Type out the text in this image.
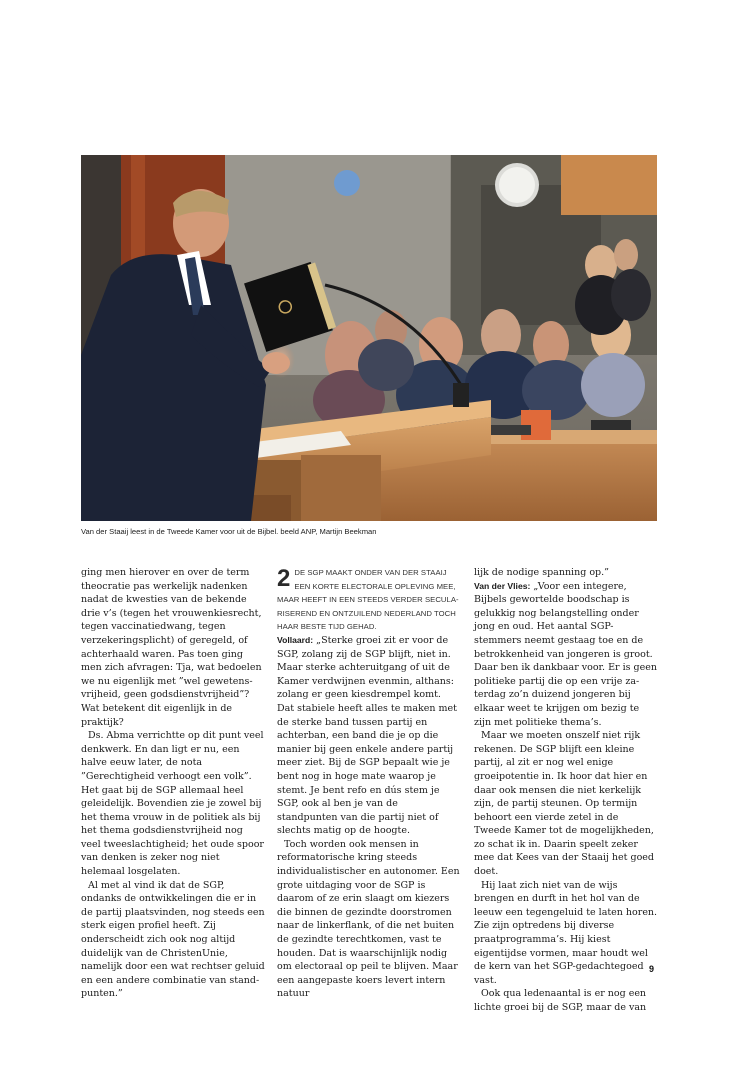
Van der Staaij leest in de Tweede Kamer voor uit de Bijbel. beeld ANP, Martijn Beekman

ging men hierover en over de term theocratie pas werkelijk nadenken nadat de kwesties van de bekende drie v’s (tegen het vrouwenkiesrecht, tegen vaccinatiedwang, tegen verzekeringsplicht) of geregeld, of achterhaald waren. Pas toen ging men zich afvragen: Tja, wat bedoelen we nu eigenlijk met ”wel gewetensvrijheid, geen godsdienstvrijheid”? Wat betekent dit eigenlijk in de praktijk?

Ds. Abma verrichtte op dit punt veel denkwerk. En dan ligt er nu, een halve eeuw later, de nota ”Gerechtigheid verhoogt een volk”. Het gaat bij de SGP allemaal heel geleidelijk. Bovendien zie je zowel bij het thema vrouw in de politiek als bij het thema godsdienstvrijheid nog veel tweeslachtigheid; het oude spoor van denken is zeker nog niet helemaal losgelaten.

Al met al vind ik dat de SGP, ondanks de ontwikkelingen die er in de partij plaatsvinden, nog steeds een sterk eigen profiel heeft. Zij onderscheidt zich ook nog altijd duidelijk van de ChristenUnie, namelijk door een wat rechtser geluid en een andere combinatie van standpunten.”

2 DE SGP MAAKT ONDER VAN DER STAAIJ EEN KORTE ELECTORALE OPLEVING MEE, MAAR HEEFT IN EEN STEEDS VERDER SECULARISEREND EN ONTZUILEND NEDERLAND TOCH HAAR BESTE TIJD GEHAD.

Vollaard: „Sterke groei zit er voor de SGP, zolang zij de SGP blijft, niet in. Maar sterke achteruitgang of uit de Kamer verdwijnen evenmin, althans: zolang er geen kiesdrempel komt. Dat stabiele heeft alles te maken met de sterke band tussen partij en achterban, een band die je op die manier bij geen enkele andere partij meer ziet. Bij de SGP bepaalt wie je bent nog in hoge mate waarop je stemt. Je bent refo en dús stem je SGP, ook al ben je van de standpunten van die partij niet of slechts matig op de hoogte.

Toch worden ook mensen in reformatorische kring steeds individualistischer en autonomer. Een grote uitdaging voor de SGP is daarom of ze erin slaagt om kiezers die binnen de gezindte doorstromen naar de linkerflank, of die net buiten de gezindte terechtkomen, vast te houden. Dat is waarschijnlijk nodig om electoraal op peil te blijven. Maar een aangepaste koers levert intern natuur

lijk de nodige spanning op.”

Van der Vlies: „Voor een integere, Bijbels gewortelde boodschap is gelukkig nog belangstelling onder jong en oud. Het aantal SGP-stemmers neemt gestaag toe en de betrokkenheid van jongeren is groot. Daar ben ik dankbaar voor. Er is geen politieke partij die op een vrije zaterdag zo’n duizend jongeren bij elkaar weet te krijgen om bezig te zijn met politieke thema’s.

Maar we moeten onszelf niet rijk rekenen. De SGP blijft een kleine partij, al zit er nog wel enige groeipotentie in. Ik hoor dat hier en daar ook mensen die niet kerkelijk zijn, de partij steunen. Op termijn behoort een vierde zetel in de Tweede Kamer tot de mogelijkheden, zo schat ik in. Daarin speelt zeker mee dat Kees van der Staaij het goed doet.

Hij laat zich niet van de wijs brengen en durft in het hol van de leeuw een tegengeluid te laten horen. Zie zijn optredens bij diverse praatprogramma’s. Hij kiest eigentijdse vormen, maar houdt wel de kern van het SGP-gedachtegoed vast.

Ook qua ledenaantal is er nog een lichte groei bij de SGP, maar de van

9
